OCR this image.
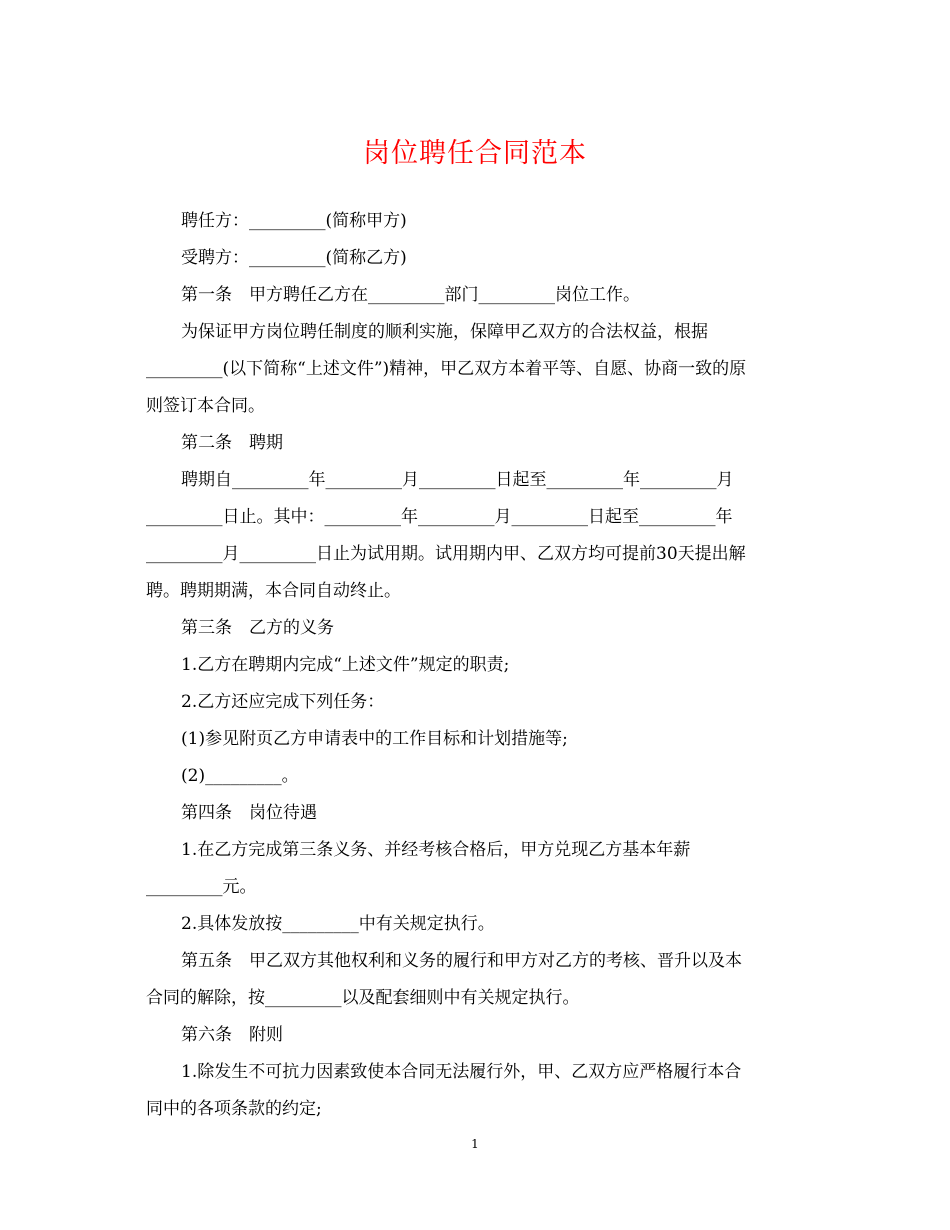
岗位聘任合同范本

聘任方：_________(简称甲方)

受聘方：_________(简称乙方)

第一条　甲方聘任乙方在_________部门_________岗位工作。

为保证甲方岗位聘任制度的顺利实施，保障甲乙双方的合法权益，根据

_________(以下简称“上述文件”)精神，甲乙双方本着平等、自愿、协商一致的原

则签订本合同。

第二条　聘期

聘期自_________年_________月_________日起至_________年_________月

_________日止。其中：_________年_________月_________日起至_________年

_________月_________日止为试用期。试用期内甲、乙双方均可提前30天提出解

聘。聘期期满，本合同自动终止。

第三条　乙方的义务

1.乙方在聘期内完成“上述文件”规定的职责;

2.乙方还应完成下列任务：

(1)参见附页乙方申请表中的工作目标和计划措施等;

(2)_________。

第四条　岗位待遇

1.在乙方完成第三条义务、并经考核合格后，甲方兑现乙方基本年薪

_________元。

2.具体发放按_________中有关规定执行。

第五条　甲乙双方其他权利和义务的履行和甲方对乙方的考核、晋升以及本

合同的解除，按_________以及配套细则中有关规定执行。

第六条　附则

1.除发生不可抗力因素致使本合同无法履行外，甲、乙双方应严格履行本合

同中的各项条款的约定;

1
